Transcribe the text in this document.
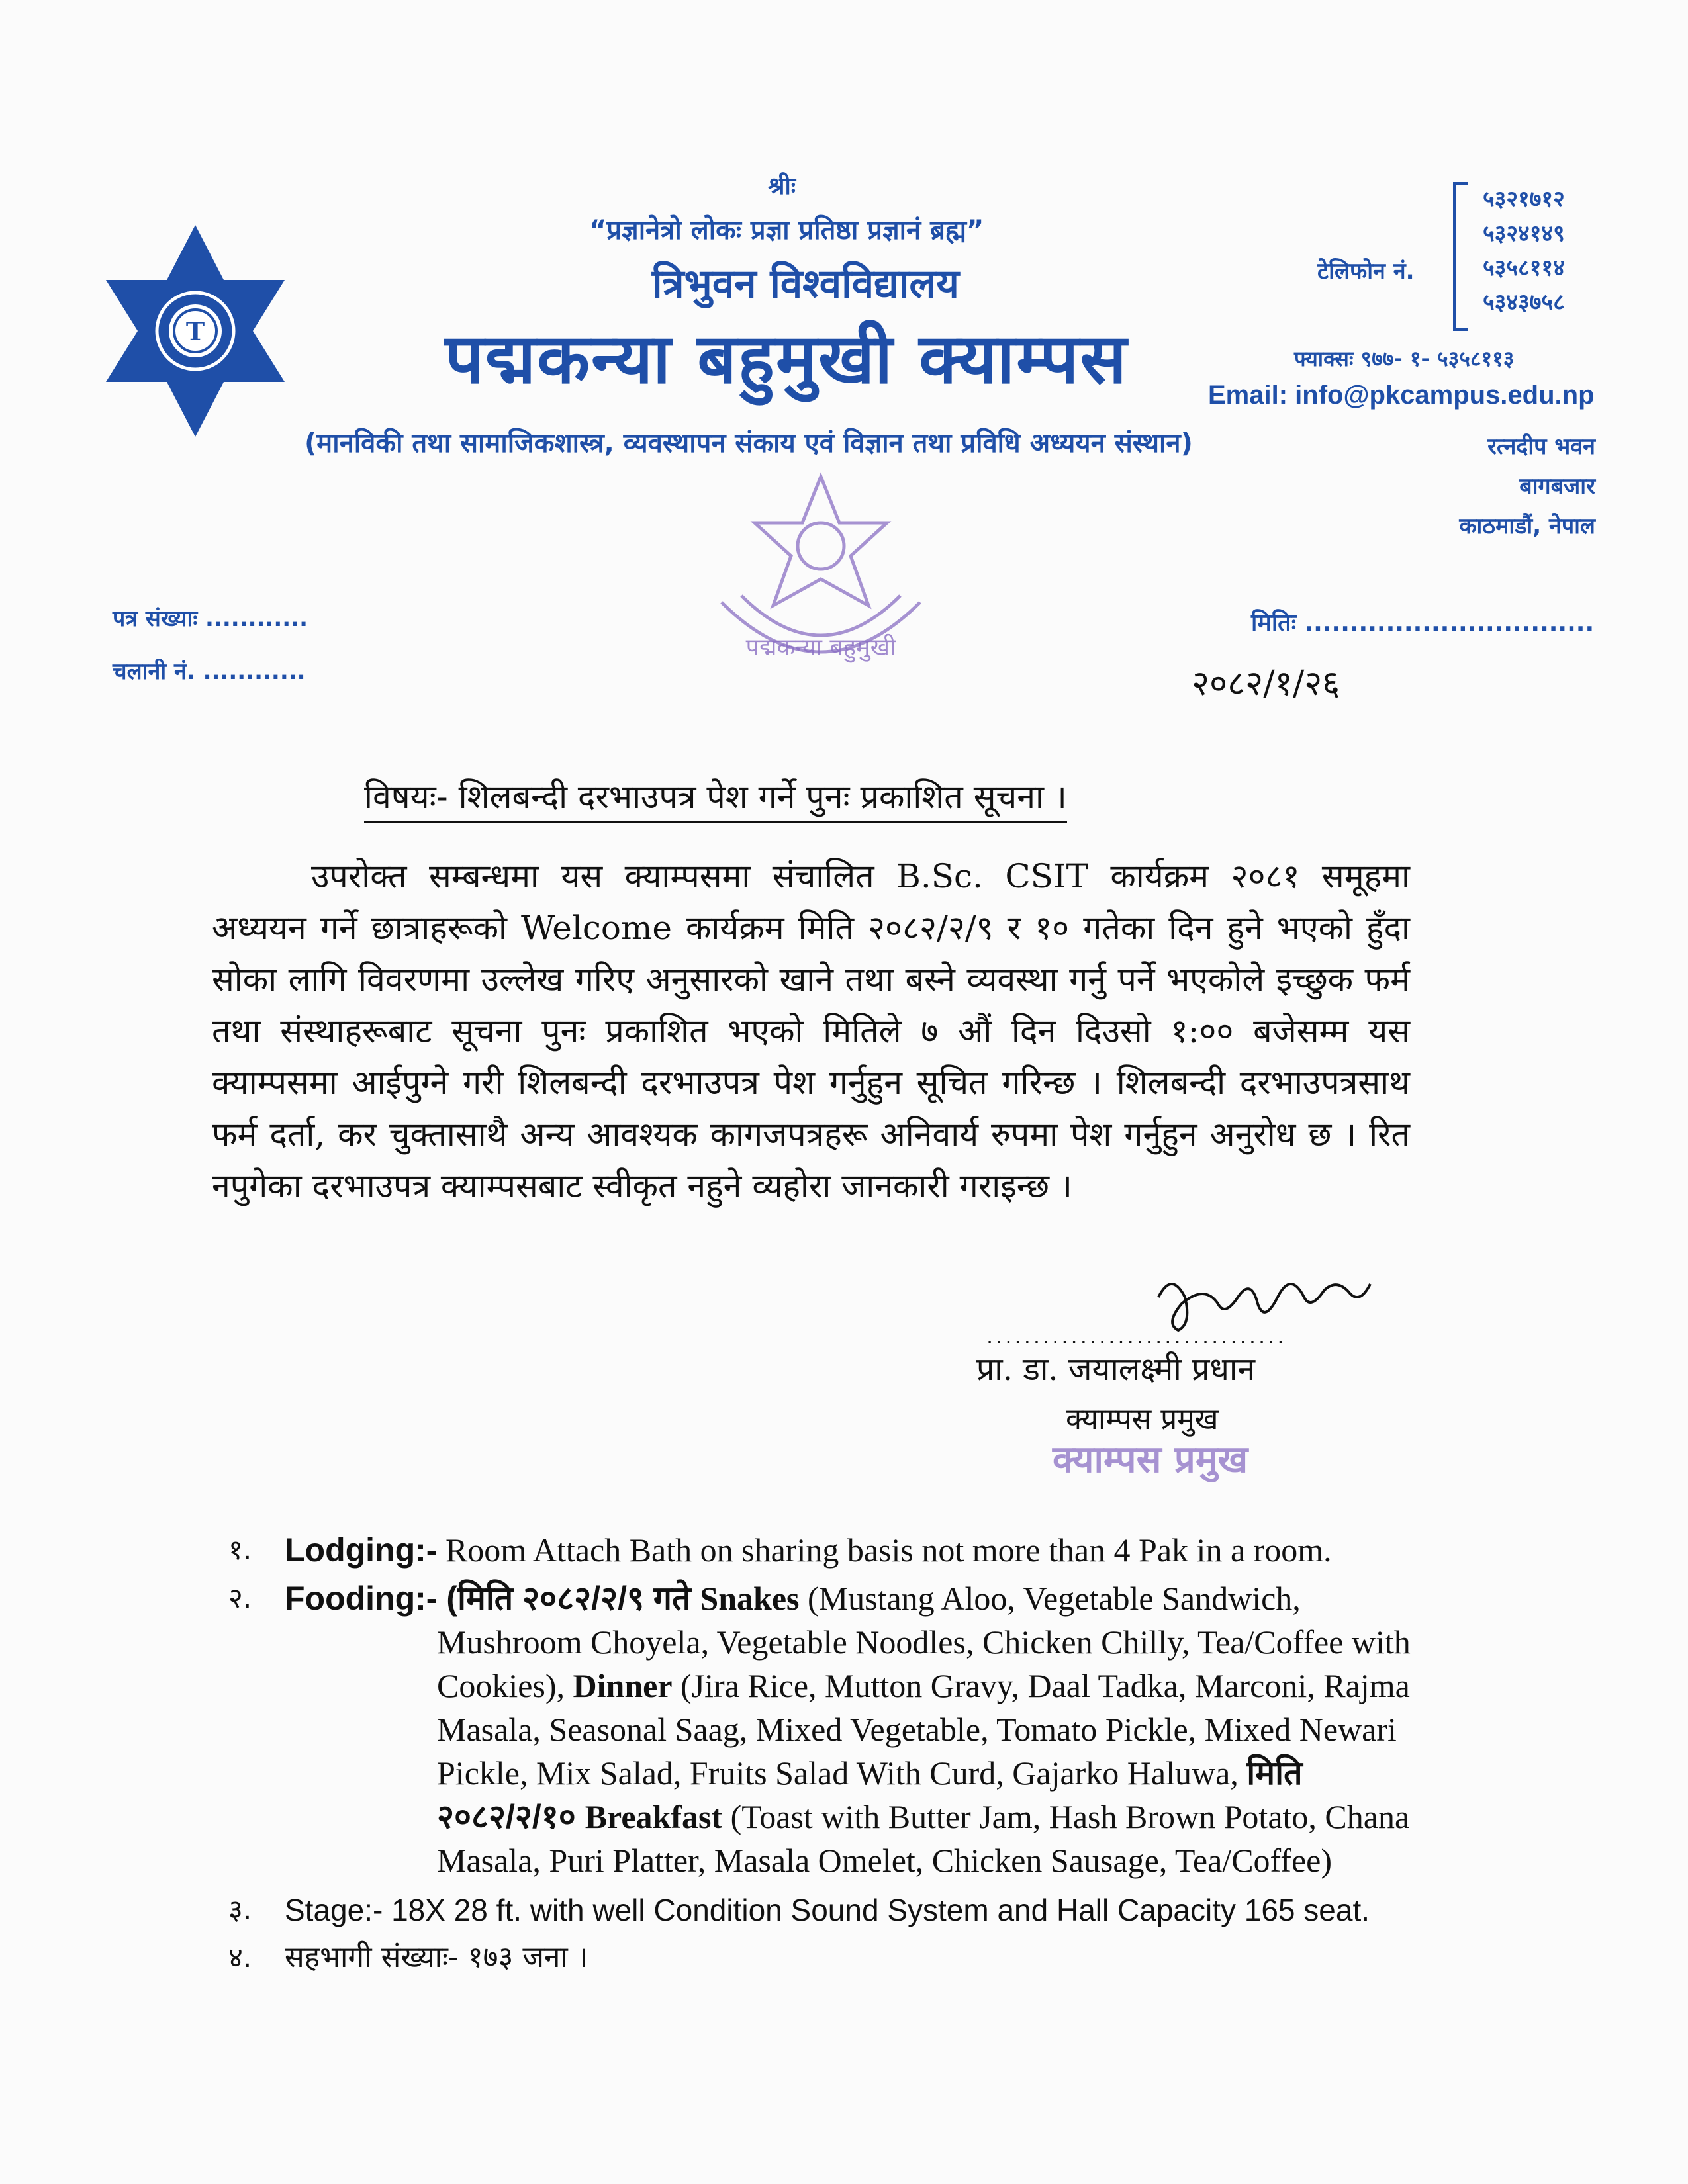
T
श्रीः
“प्रज्ञानेत्रो लोकः प्रज्ञा प्रतिष्ठा प्रज्ञानं ब्रह्म”
त्रिभुवन विश्वविद्यालय
पद्मकन्या बहुमुखी क्याम्पस
(मानविकी तथा सामाजिकशास्त्र, व्यवस्थापन संकाय एवं विज्ञान तथा प्रविधि अध्ययन संस्थान)
टेलिफोन नं.
५३२१७१२
५३२४१४९
५३५८११४
५३४३७५८
फ्याक्सः ९७७- १- ५३५८११३
Email: info@pkcampus.edu.np
रत्नदीप भवन
बागबजार
काठमाडौं, नेपाल
पद्मकन्या बहुमुखी
पत्र संख्याः ............
चलानी नं. ............
मितिः ................................
२०८२/१/२६
विषयः- शिलबन्दी दरभाउपत्र पेश गर्ने पुनः प्रकाशित सूचना ।
उपरोक्त सम्बन्धमा यस क्याम्पसमा संचालित B.Sc. CSIT कार्यक्रम २०८१ समूहमा अध्ययन गर्ने छात्राहरूको Welcome कार्यक्रम मिति २०८२/२/९ र १० गतेका दिन हुने भएको हुँदा सोका लागि विवरणमा उल्लेख गरिए अनुसारको खाने तथा बस्ने व्यवस्था गर्नु पर्ने भएकोले इच्छुक फर्म तथा संस्थाहरूबाट सूचना पुनः प्रकाशित भएको मितिले ७ औं दिन दिउसो १:०० बजेसम्म यस क्याम्पसमा आईपुग्ने गरी शिलबन्दी दरभाउपत्र पेश गर्नुहुन सूचित गरिन्छ । शिलबन्दी दरभाउपत्रसाथ फर्म दर्ता, कर चुक्तासाथै अन्य आवश्यक कागजपत्रहरू अनिवार्य रुपमा पेश गर्नुहुन अनुरोध छ । रित नपुगेका दरभाउपत्र क्याम्पसबाट स्वीकृत नहुने व्यहोरा जानकारी गराइन्छ ।
................................
प्रा. डा. जयालक्ष्मी प्रधान
क्याम्पस प्रमुख
क्याम्पस प्रमुख
१. Lodging:- Room Attach Bath on sharing basis not more than 4 Pak in a room.
२. Fooding:- (मिति २०८२/२/९ गते Snakes (Mustang Aloo, Vegetable Sandwich, Mushroom Choyela, Vegetable Noodles, Chicken Chilly, Tea/Coffee with Cookies), Dinner (Jira Rice, Mutton Gravy, Daal Tadka, Marconi, Rajma Masala, Seasonal Saag, Mixed Vegetable, Tomato Pickle, Mixed Newari Pickle, Mix Salad, Fruits Salad With Curd, Gajarko Haluwa, मिति २०८२/२/१० Breakfast (Toast with Butter Jam, Hash Brown Potato, Chana Masala, Puri Platter, Masala Omelet, Chicken Sausage, Tea/Coffee)
३. Stage:- 18X 28 ft. with well Condition Sound System and Hall Capacity 165 seat.
४. सहभागी संख्याः- १७३ जना ।
